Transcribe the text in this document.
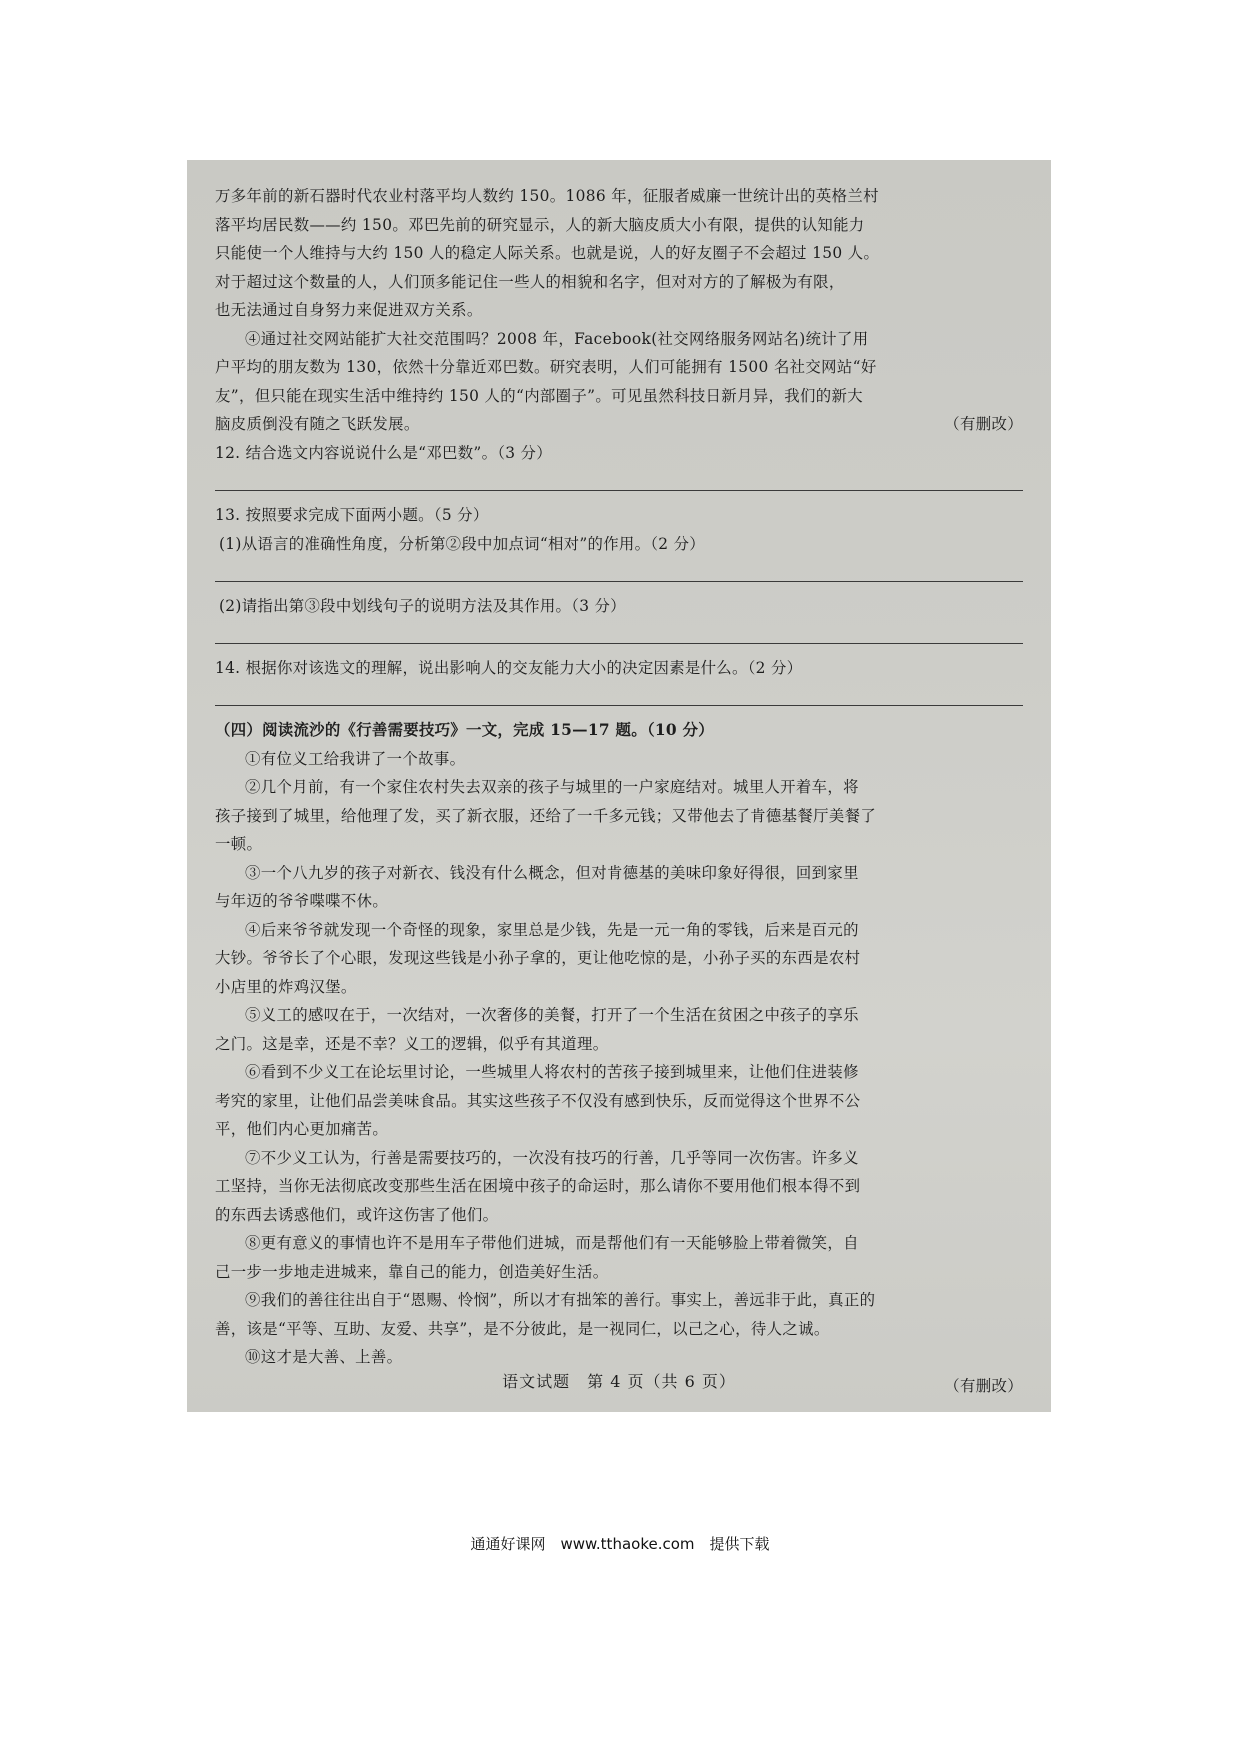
万多年前的新石器时代农业村落平均人数约 150。1086 年，征服者威廉一世统计出的英格兰村
落平均居民数——约 150。邓巴先前的研究显示，人的新大脑皮质大小有限，提供的认知能力
只能使一个人维持与大约 150 人的稳定人际关系。也就是说，人的好友圈子不会超过 150 人。
对于超过这个数量的人，人们顶多能记住一些人的相貌和名字，但对对方的了解极为有限，
也无法通过自身努力来促进双方关系。
④通过社交网站能扩大社交范围吗？2008 年，Facebook(社交网络服务网站名)统计了用
户平均的朋友数为 130，依然十分靠近邓巴数。研究表明，人们可能拥有 1500 名社交网站“好
友”，但只能在现实生活中维持约 150 人的“内部圈子”。可见虽然科技日新月异，我们的新大
脑皮质倒没有随之飞跃发展。	（有删改）
12. 结合选文内容说说什么是“邓巴数”。（3 分）
13. 按照要求完成下面两小题。（5 分）
(1)从语言的准确性角度，分析第②段中加点词“相对”的作用。（2 分）
(2)请指出第③段中划线句子的说明方法及其作用。（3 分）
14. 根据你对该选文的理解，说出影响人的交友能力大小的决定因素是什么。（2 分）
（四）阅读流沙的《行善需要技巧》一文，完成 15—17 题。（10 分）
①有位义工给我讲了一个故事。
②几个月前，有一个家住农村失去双亲的孩子与城里的一户家庭结对。城里人开着车，将
孩子接到了城里，给他理了发，买了新衣服，还给了一千多元钱；又带他去了肯德基餐厅美餐了
一顿。
③一个八九岁的孩子对新衣、钱没有什么概念，但对肯德基的美味印象好得很，回到家里
与年迈的爷爷喋喋不休。
④后来爷爷就发现一个奇怪的现象，家里总是少钱，先是一元一角的零钱，后来是百元的
大钞。爷爷长了个心眼，发现这些钱是小孙子拿的，更让他吃惊的是，小孙子买的东西是农村
小店里的炸鸡汉堡。
⑤义工的感叹在于，一次结对，一次奢侈的美餐，打开了一个生活在贫困之中孩子的享乐
之门。这是幸，还是不幸？义工的逻辑，似乎有其道理。
⑥看到不少义工在论坛里讨论，一些城里人将农村的苦孩子接到城里来，让他们住进装修
考究的家里，让他们品尝美味食品。其实这些孩子不仅没有感到快乐，反而觉得这个世界不公
平，他们内心更加痛苦。
⑦不少义工认为，行善是需要技巧的，一次没有技巧的行善，几乎等同一次伤害。许多义
工坚持，当你无法彻底改变那些生活在困境中孩子的命运时，那么请你不要用他们根本得不到
的东西去诱惑他们，或许这伤害了他们。
⑧更有意义的事情也许不是用车子带他们进城，而是帮他们有一天能够脸上带着微笑，自
己一步一步地走进城来，靠自己的能力，创造美好生活。
⑨我们的善往往出自于“恩赐、怜悯”，所以才有拙笨的善行。事实上，善远非于此，真正的
善，该是“平等、互助、友爱、共享”，是不分彼此，是一视同仁，以己之心，待人之诚。
⑩这才是大善、上善。
（有删改）
语文试题　第 4 页（共 6 页）
通通好课网　www.tthaoke.com　提供下载
